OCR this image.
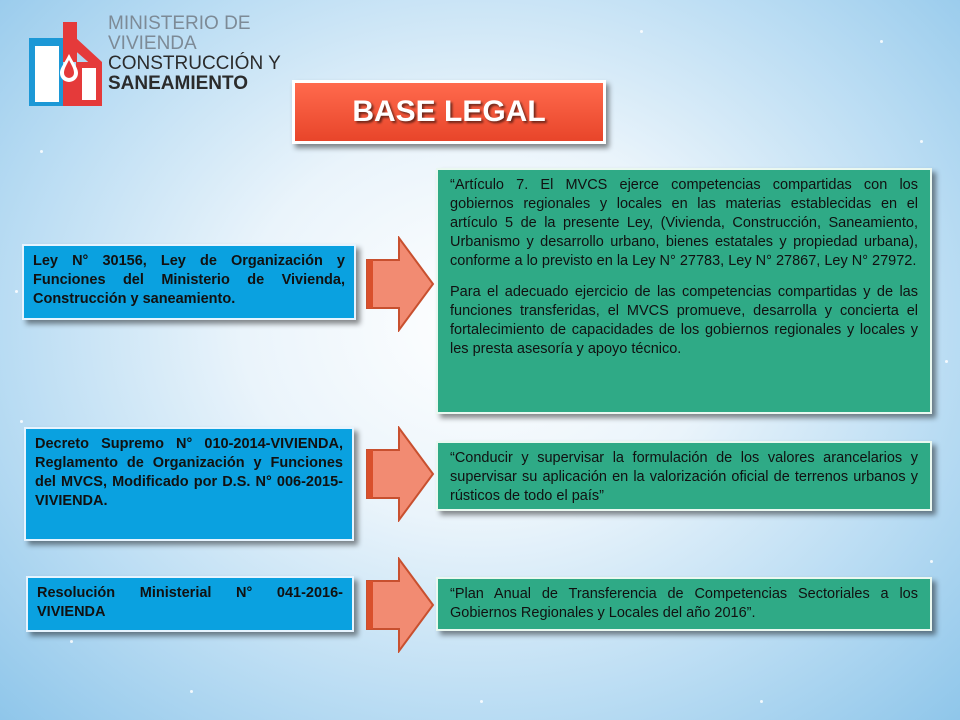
MINISTERIO DE
VIVIENDA
CONSTRUCCIÓN Y
SANEAMIENTO
BASE LEGAL
Ley N° 30156, Ley de Organización y Funciones del Ministerio de Vivienda, Construcción y saneamiento.

“Artículo 7. El MVCS ejerce competencias compartidas con los gobiernos regionales y locales en las materias establecidas en el artículo 5 de la presente Ley, (Vivienda, Construcción, Saneamiento, Urbanismo y desarrollo urbano, bienes estatales y propiedad urbana), conforme a lo previsto en la Ley N° 27783, Ley N° 27867, Ley N° 27972.

Para el adecuado ejercicio de las competencias compartidas y de las funciones transferidas, el MVCS promueve, desarrolla y concierta el fortalecimiento de capacidades de los gobiernos regionales y locales y les presta asesoría y apoyo técnico.

Decreto Supremo N° 010-2014-VIVIENDA, Reglamento de Organización y Funciones del MVCS, Modificado por D.S. N° 006-2015-VIVIENDA.

“Conducir y supervisar la formulación de los valores arancelarios y supervisar su aplicación en la valorización oficial de terrenos urbanos y rústicos de todo el país”

Resolución Ministerial N° 041-2016-VIVIENDA

“Plan Anual de Transferencia de Competencias Sectoriales a los Gobiernos Regionales y Locales del año 2016”.
